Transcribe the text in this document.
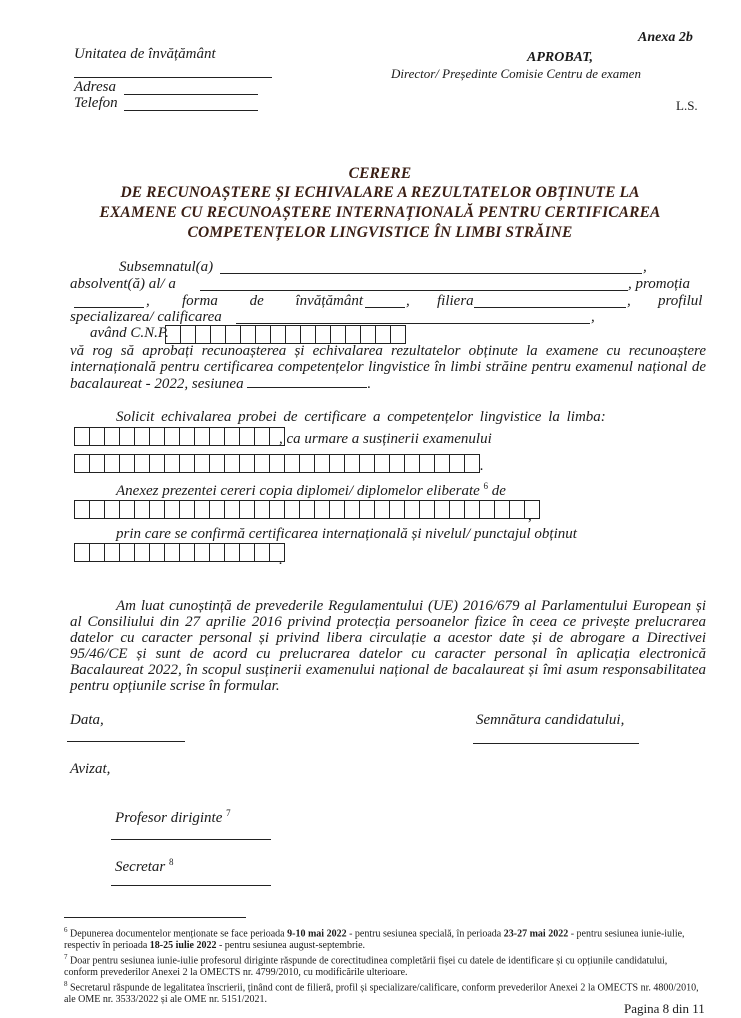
Anexa 2b
Unitatea de învățământ	APROBAT,
Director/ Președinte Comisie Centru de examen
Adresa
Telefon	L.S.
CERERE
DE RECUNOAȘTERE ȘI ECHIVALARE A REZULTATELOR OBȚINUTE LA
EXAMENE CU RECUNOAȘTERE INTERNAȚIONALĂ PENTRU CERTIFICAREA
COMPETENȚELOR LINGVISTICE ÎN LIMBI STRĂINE
Subsemnatul(a)	,
absolvent(ă) al/ a	, promoția
, forma de învățământ	, filiera	, profilul
specializarea/ calificarea	,
având C.N.P.
vă rog să aprobați recunoașterea și echivalarea rezultatelor obținute la examene cu recunoaștere internațională pentru certificarea competențelor lingvistice în limbi străine pentru examenul național de bacalaureat - 2022, sesiunea	.
Solicit echivalarea probei de certificare a competențelor lingvistice la limba:
, ca urmare a susținerii examenului
.
Anexez prezentei cereri copia diplomei/ diplomelor eliberate $^6$ de
,
prin care se confirmă certificarea internațională și nivelul/ punctajul obținut
.
Am luat cunoștință de prevederile Regulamentului (UE) 2016/679 al Parlamentului European și al Consiliului din 27 aprilie 2016 privind protecția persoanelor fizice în ceea ce privește prelucrarea datelor cu caracter personal și privind libera circulație a acestor date și de abrogare a Directivei 95/46/CE și sunt de acord cu prelucrarea datelor cu caracter personal în aplicația electronică Bacalaureat 2022, în scopul susținerii examenului național de bacalaureat și îmi asum responsabilitatea pentru opțiunile scrise în formular.
Data,	Semnătura candidatului,
Avizat,
Profesor diriginte $^7$
Secretar $^8$
$^6$ Depunerea documentelor menționate se face perioada 9-10 mai 2022 - pentru sesiunea specială, în perioada 23-27 mai 2022 - pentru sesiunea iunie-iulie,
respectiv în perioada 18-25 iulie 2022 - pentru sesiunea august-septembrie.
$^7$ Doar pentru sesiunea iunie-iulie profesorul diriginte răspunde de corectitudinea completării fișei cu datele de identificare și cu opțiunile candidatului,
conform prevederilor Anexei 2 la OMECTS nr. 4799/2010, cu modificările ulterioare.
$^8$ Secretarul răspunde de legalitatea înscrierii, ținând cont de filieră, profil și specializare/calificare, conform prevederilor Anexei 2 la OMECTS nr. 4800/2010,
ale OME nr. 3533/2022 și ale OME nr. 5151/2021.
Pagina 8 din 11
